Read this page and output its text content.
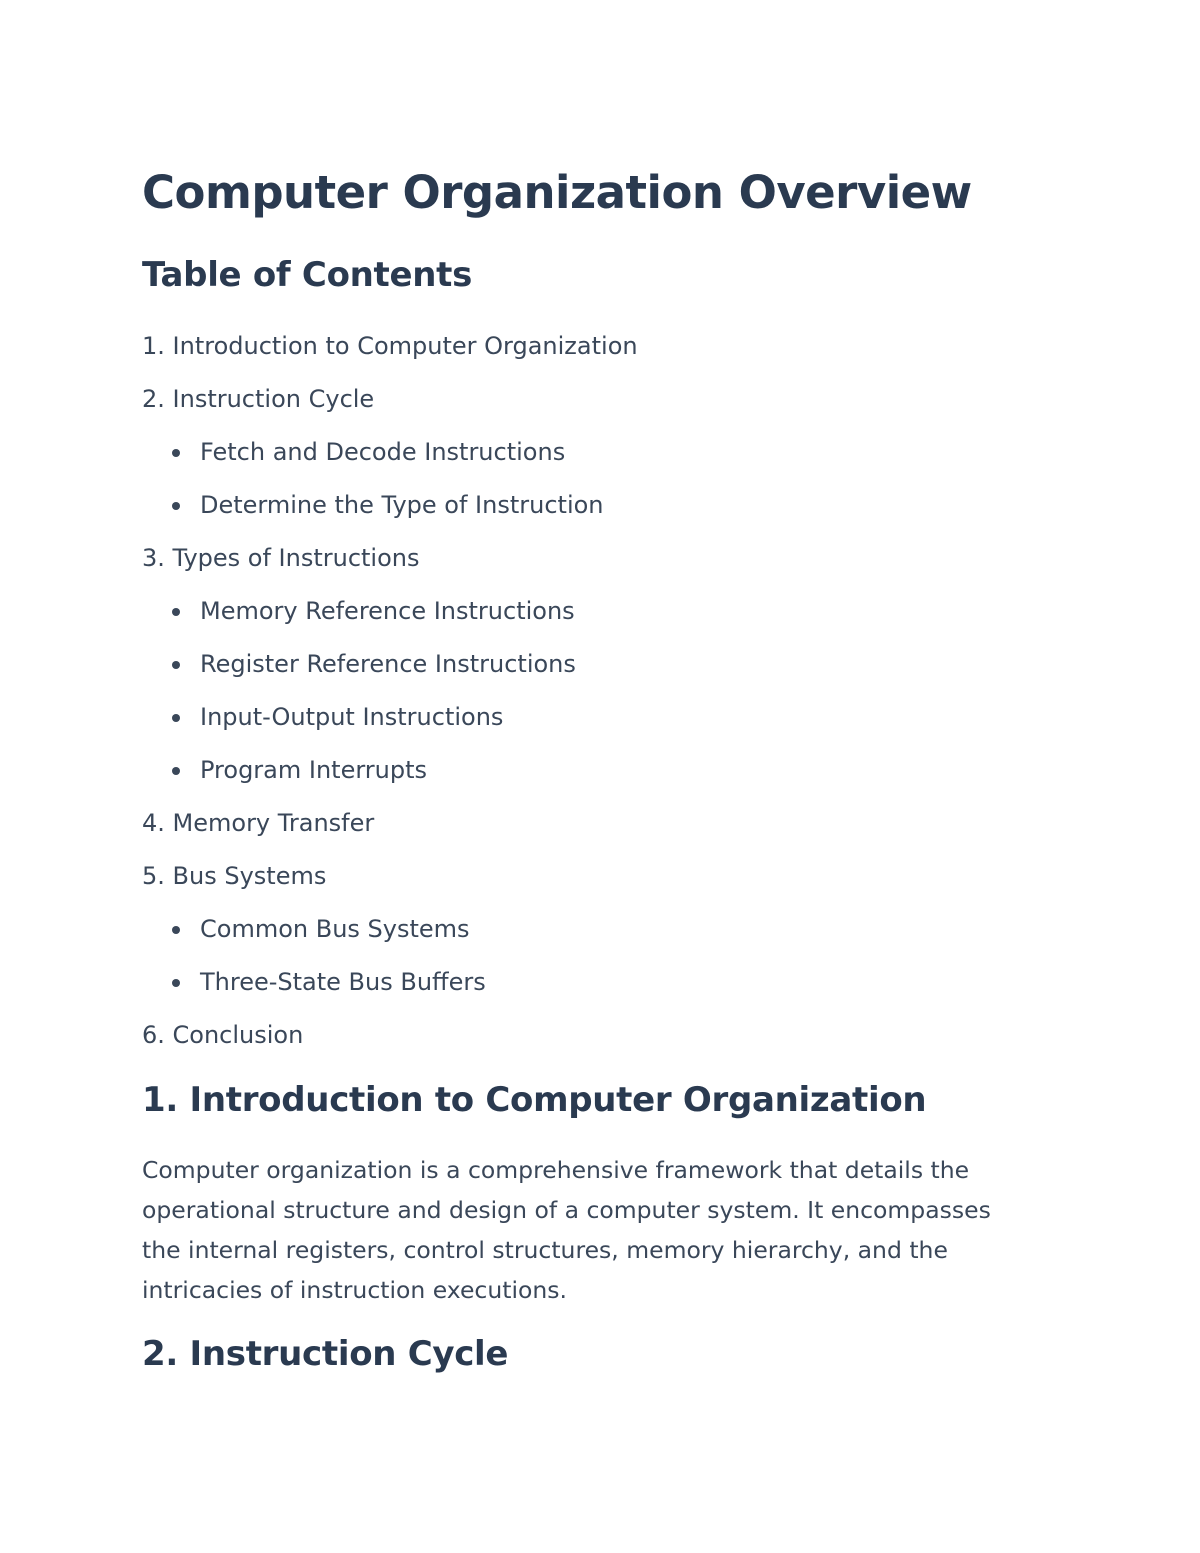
Computer Organization Overview
Table of Contents
1. Introduction to Computer Organization
2. Instruction Cycle
Fetch and Decode Instructions
Determine the Type of Instruction
3. Types of Instructions
Memory Reference Instructions
Register Reference Instructions
Input-Output Instructions
Program Interrupts
4. Memory Transfer
5. Bus Systems
Common Bus Systems
Three-State Bus Buffers
6. Conclusion
1. Introduction to Computer Organization

Computer organization is a comprehensive framework that details the operational structure and design of a computer system. It encompasses the internal registers, control structures, memory hierarchy, and the intricacies of instruction executions.

2. Instruction Cycle
